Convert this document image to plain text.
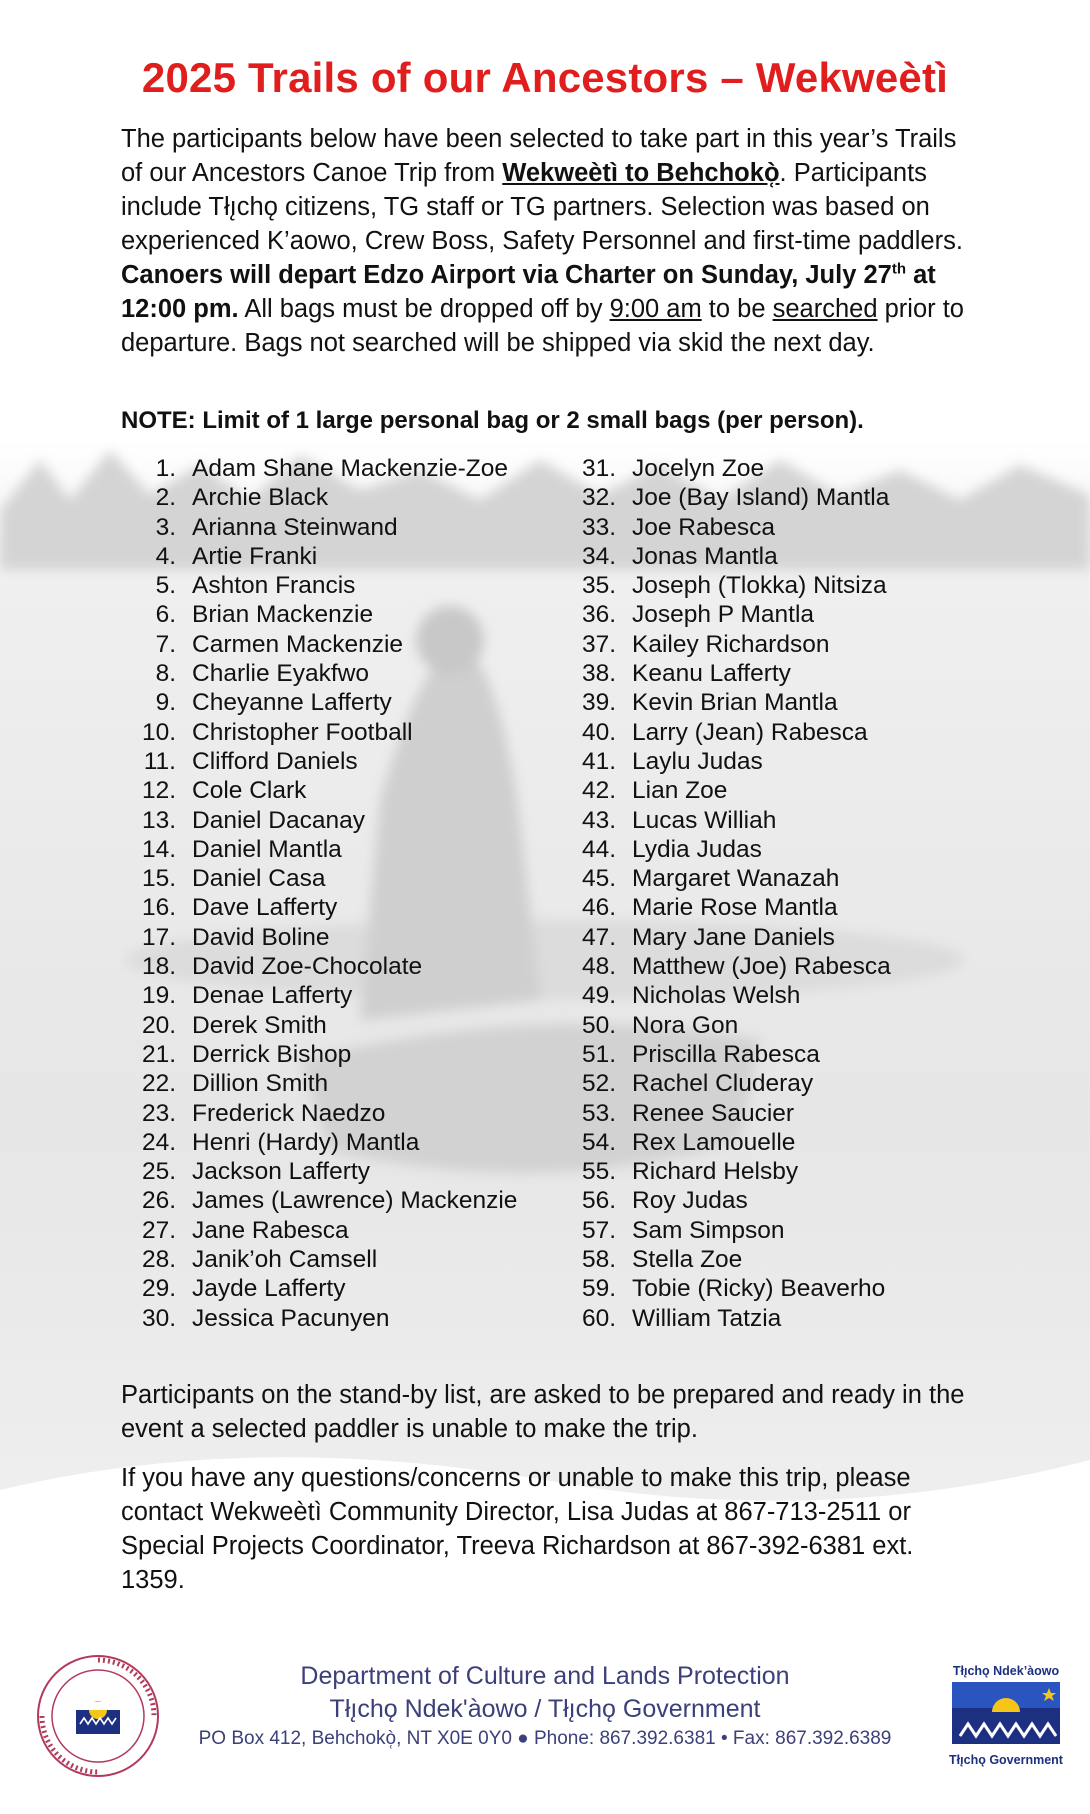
2025 Trails of our Ancestors – Wekweètì

The participants below have been selected to take part in this year’s Trails of our Ancestors Canoe Trip from Wekweètì to Behchokò̜. Participants include Tłı̨chǫ citizens, TG staff or TG partners. Selection was based on experienced K’aowo, Crew Boss, Safety Personnel and first-time paddlers. Canoers will depart Edzo Airport via Charter on Sunday, July 27th at 12:00 pm. All bags must be dropped off by 9:00 am to be searched prior to departure. Bags not searched will be shipped via skid the next day.

NOTE: Limit of 1 large personal bag or 2 small bags (per person).

1. Adam Shane Mackenzie-Zoe
2. Archie Black
3. Arianna Steinwand
4. Artie Franki
5. Ashton Francis
6. Brian Mackenzie
7. Carmen Mackenzie
8. Charlie Eyakfwo
9. Cheyanne Lafferty
10. Christopher Football
11. Clifford Daniels
12. Cole Clark
13. Daniel Dacanay
14. Daniel Mantla
15. Daniel Casa
16. Dave Lafferty
17. David Boline
18. David Zoe-Chocolate
19. Denae Lafferty
20. Derek Smith
21. Derrick Bishop
22. Dillion Smith
23. Frederick Naedzo
24. Henri (Hardy) Mantla
25. Jackson Lafferty
26. James (Lawrence) Mackenzie
27. Jane Rabesca
28. Janik’oh Camsell
29. Jayde Lafferty
30. Jessica Pacunyen
31. Jocelyn Zoe
32. Joe (Bay Island) Mantla
33. Joe Rabesca
34. Jonas Mantla
35. Joseph (Tlokka) Nitsiza
36. Joseph P Mantla
37. Kailey Richardson
38. Keanu Lafferty
39. Kevin Brian Mantla
40. Larry (Jean) Rabesca
41. Laylu Judas
42. Lian Zoe
43. Lucas Williah
44. Lydia Judas
45. Margaret Wanazah
46. Marie Rose Mantla
47. Mary Jane Daniels
48. Matthew (Joe) Rabesca
49. Nicholas Welsh
50. Nora Gon
51. Priscilla Rabesca
52. Rachel Cluderay
53. Renee Saucier
54. Rex Lamouelle
55. Richard Helsby
56. Roy Judas
57. Sam Simpson
58. Stella Zoe
59. Tobie (Ricky) Beaverho
60. William Tatzia

Participants on the stand-by list, are asked to be prepared and ready in the event a selected paddler is unable to make the trip.

If you have any questions/concerns or unable to make this trip, please contact Wekweètì Community Director, Lisa Judas at 867-713-2511 or Special Projects Coordinator, Treeva Richardson at 867-392-6381 ext. 1359.

Department of Culture and Lands Protection
Tłı̨chǫ Ndek'àowo / Tłı̨chǫ Government
PO Box 412, Behchokò̜, NT X0E 0Y0 ● Phone: 867.392.6381 • Fax: 867.392.6389
Tłı̨chǫ Ndek’àowo
Tłı̨chǫ Government
